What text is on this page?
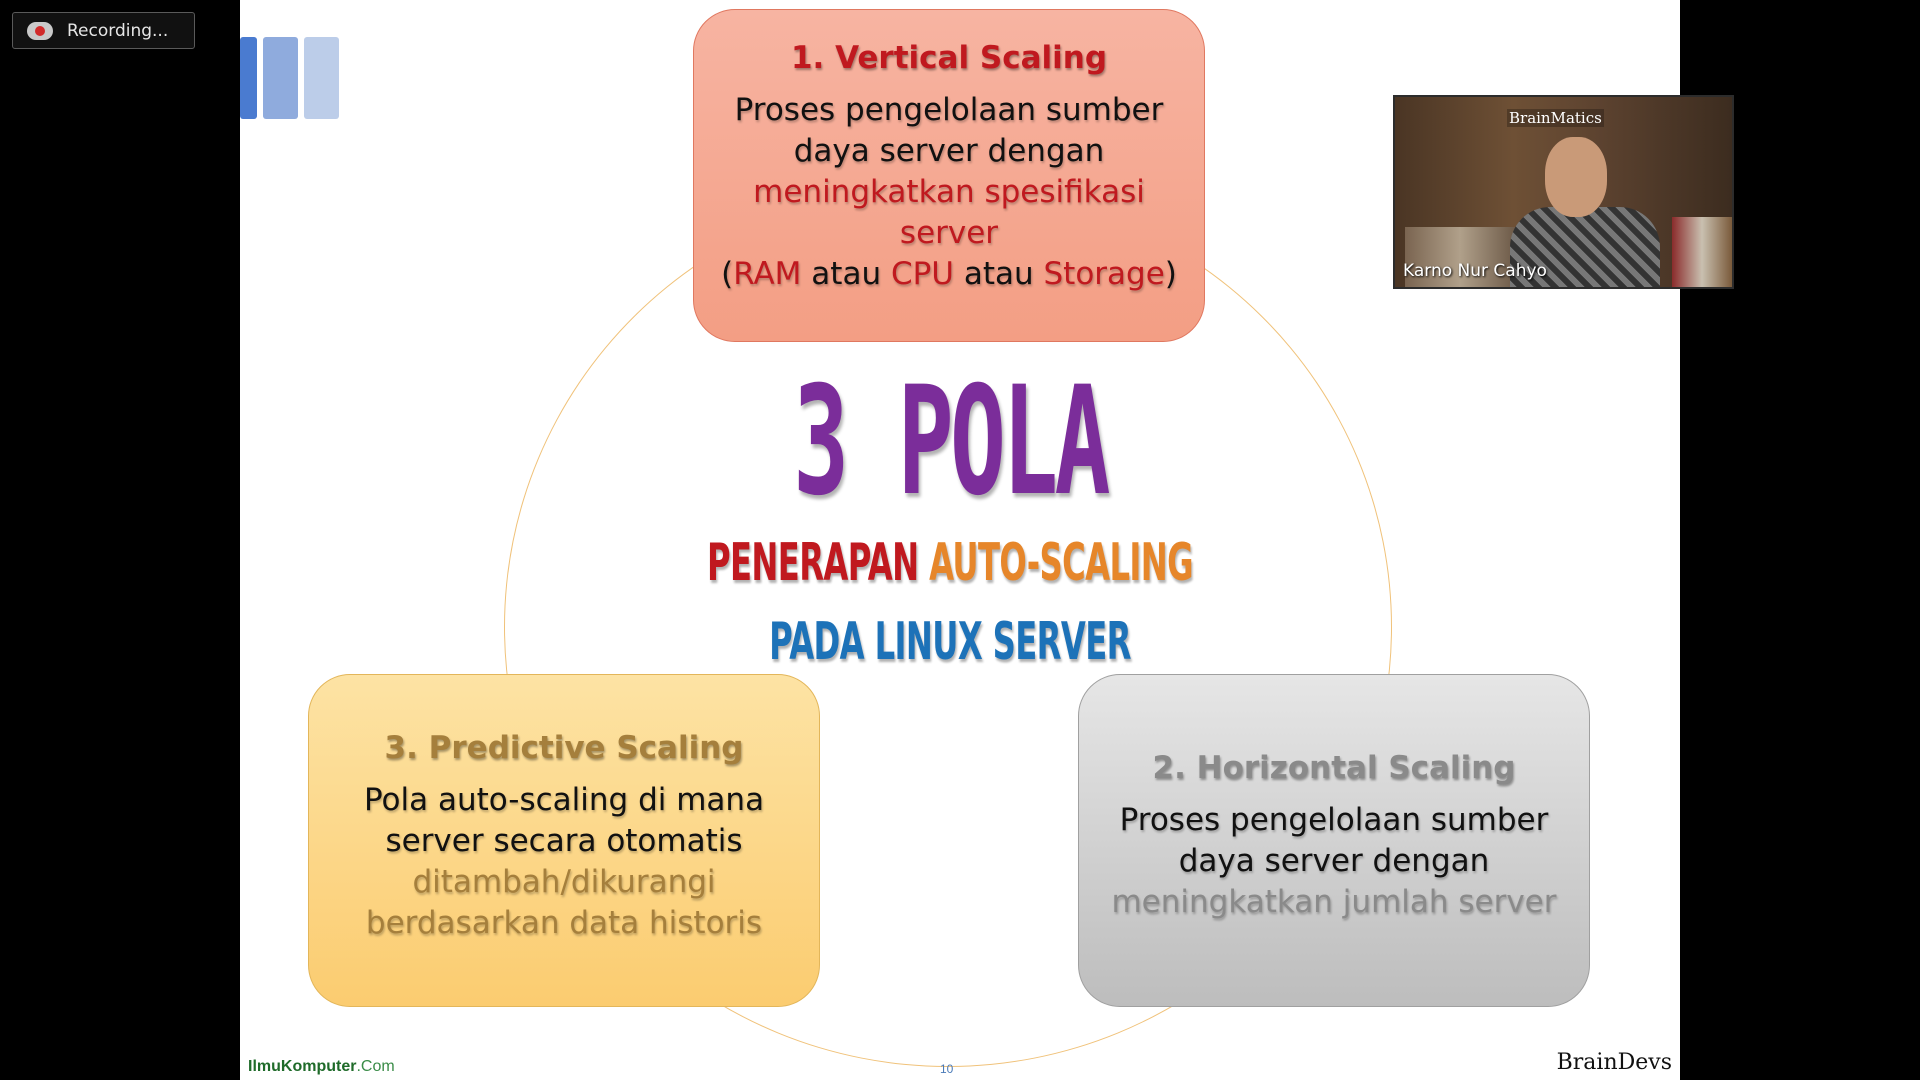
Recording...
1. Vertical Scaling
Proses pengelolaan sumber
daya server dengan
meningkatkan spesifikasi
server
(RAM atau CPU atau Storage)
3 POLA
PENERAPAN AUTO-SCALING
PADA LINUX SERVER
3. Predictive Scaling
Pola auto-scaling di mana
server secara otomatis
ditambah/dikurangi
berdasarkan data historis
2. Horizontal Scaling
Proses pengelolaan sumber
daya server dengan
meningkatkan jumlah server
IlmuKomputer.Com	10	BrainDevs
BrainMatics
Karno Nur Cahyo
